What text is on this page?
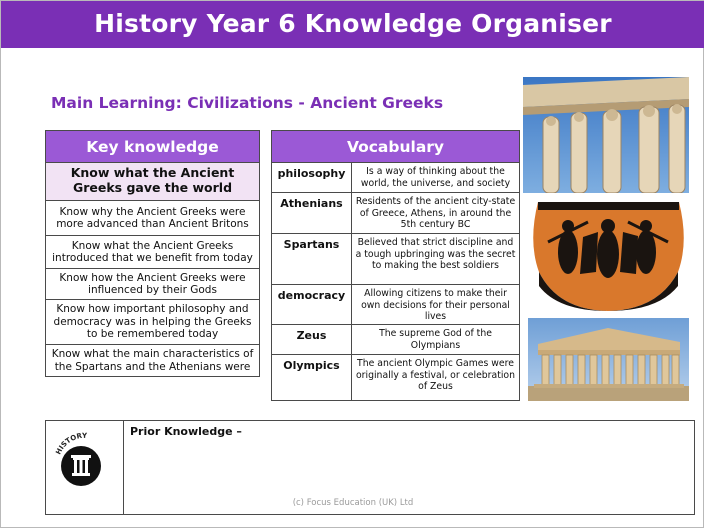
History Year 6 Knowledge Organiser
Main Learning: Civilizations - Ancient Greeks
Key knowledge
Know what the Ancient Greeks gave the world
Know why the Ancient Greeks were more advanced than Ancient Britons
Know what the Ancient Greeks introduced that we benefit from today
Know how the Ancient Greeks were influenced by their Gods
Know how important philosophy and democracy was in helping the Greeks to be remembered today
Know what the main characteristics of the Spartans and the Athenians were
Vocabulary
philosophy	Is a way of thinking about the world, the universe, and society
Athenians	Residents of the ancient city-state of Greece, Athens, in around the 5th century BC
Spartans	Believed that strict discipline and a tough upbringing was the secret to making the best soldiers
democracy	Allowing citizens to make their own decisions for their personal lives
Zeus	The supreme God of the Olympians
Olympics	The ancient Olympic Games were originally a festival, or celebration of Zeus
HISTORY	Prior Knowledge –
(c) Focus Education (UK) Ltd
